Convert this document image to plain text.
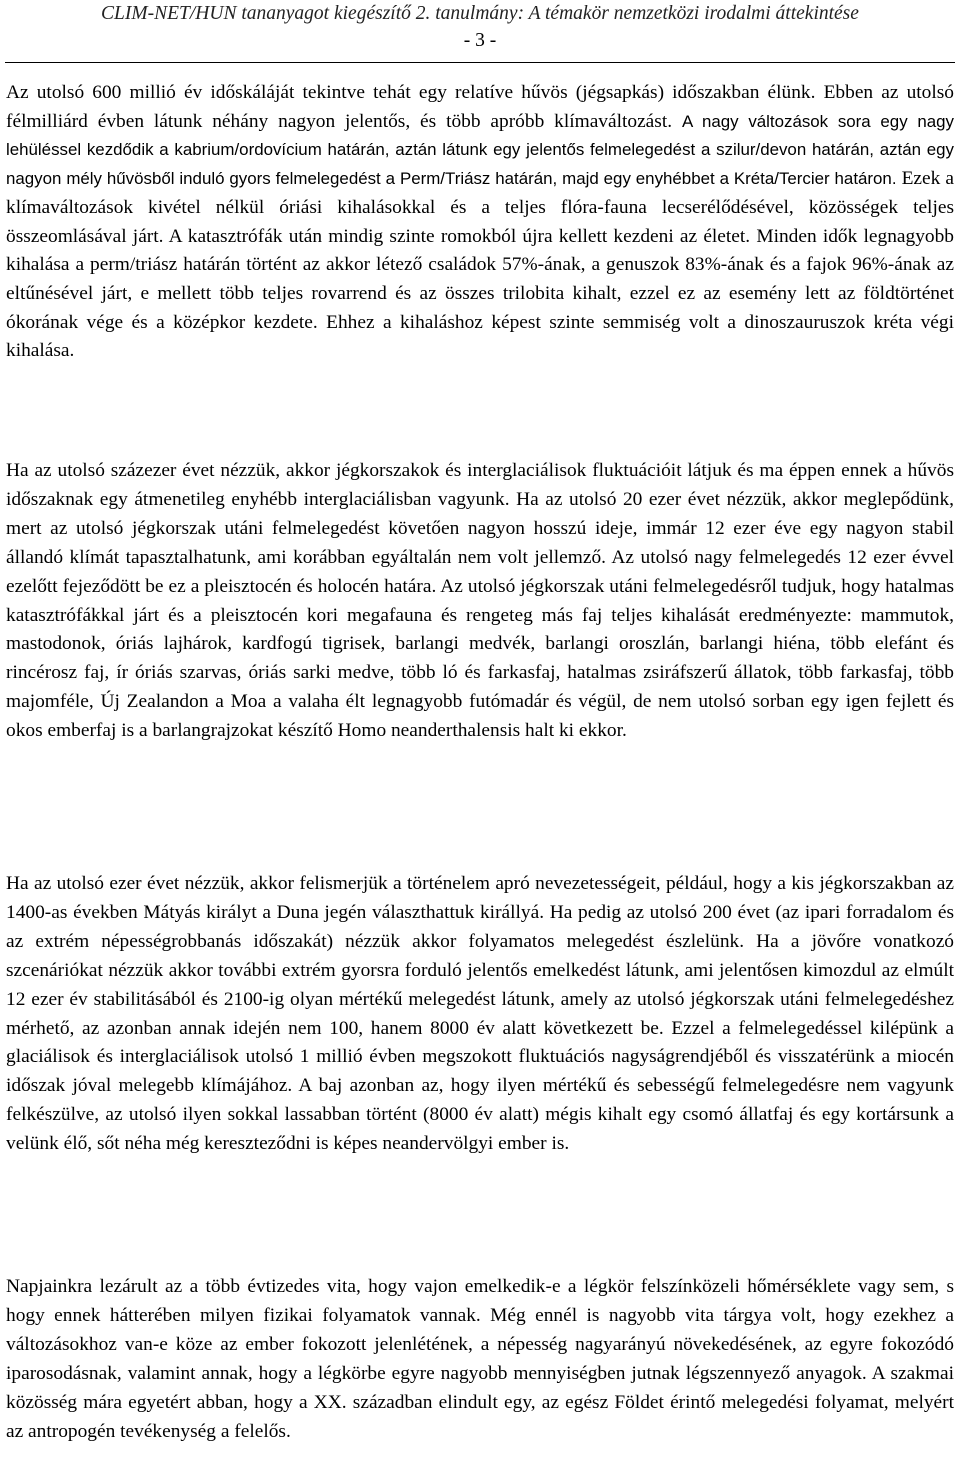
CLIM-NET/HUN tananyagot kiegészítő 2. tanulmány: A témakör nemzetközi irodalmi áttekintése
- 3 -

Az utolsó 600 millió év időskáláját tekintve tehát egy relatíve hűvös (jégsapkás) időszakban élünk. Ebben az utolsó félmilliárd évben látunk néhány nagyon jelentős, és több apróbb klímaváltozást. A nagy változások sora egy nagy lehüléssel kezdődik a kabrium/ordovícium határán, aztán látunk egy jelentős felmelegedést a szilur/devon határán, aztán egy nagyon mély hűvösből induló gyors felmelegedést a Perm/Triász határán, majd egy enyhébbet a Kréta/Tercier határon. Ezek a klímaváltozások kivétel nélkül óriási kihalásokkal és a teljes flóra-fauna lecserélődésével, közösségek teljes összeomlásával járt. A katasztrófák után mindig szinte romokból újra kellett kezdeni az életet. Minden idők legnagyobb kihalása a perm/triász határán történt az akkor létező családok 57%-ának, a genuszok 83%-ának és a fajok 96%-ának az eltűnésével járt, e mellett több teljes rovarrend és az összes trilobita kihalt, ezzel ez az esemény lett az földtörténet ókorának vége és a középkor kezdete. Ehhez a kihaláshoz képest szinte semmiség volt a dinoszauruszok kréta végi kihalása.

Ha az utolsó százezer évet nézzük, akkor jégkorszakok és interglaciálisok fluktuációit látjuk és ma éppen ennek a hűvös időszaknak egy átmenetileg enyhébb interglaciálisban vagyunk. Ha az utolsó 20 ezer évet nézzük, akkor meglepődünk, mert az utolsó jégkorszak utáni felmelegedést követően nagyon hosszú ideje, immár 12 ezer éve egy nagyon stabil állandó klímát tapasztalhatunk, ami korábban egyáltalán nem volt jellemző. Az utolsó nagy felmelegedés 12 ezer évvel ezelőtt fejeződött be ez a pleisztocén és holocén határa. Az utolsó jégkorszak utáni felmelegedésről tudjuk, hogy hatalmas katasztrófákkal járt és a pleisztocén kori megafauna és rengeteg más faj teljes kihalását eredményezte: mammutok, mastodonok, óriás lajhárok, kardfogú tigrisek, barlangi medvék, barlangi oroszlán, barlangi hiéna, több elefánt és rincérosz faj, ír óriás szarvas, óriás sarki medve, több ló és farkasfaj, hatalmas zsiráfszerű állatok, több farkasfaj, több majomféle, Új Zealandon a Moa a valaha élt legnagyobb futómadár és végül, de nem utolsó sorban egy igen fejlett és okos emberfaj is a barlangrajzokat készítő Homo neanderthalensis halt ki ekkor.

Ha az utolsó ezer évet nézzük, akkor felismerjük a történelem apró nevezetességeit, például, hogy a kis jégkorszakban az 1400-as években Mátyás királyt a Duna jegén választhattuk királlyá. Ha pedig az utolsó 200 évet (az ipari forradalom és az extrém népességrobbanás időszakát) nézzük akkor folyamatos melegedést észlelünk. Ha a jövőre vonatkozó szcenáriókat nézzük akkor további extrém gyorsra forduló jelentős emelkedést látunk, ami jelentősen kimozdul az elmúlt 12 ezer év stabilitásából és 2100-ig olyan mértékű melegedést látunk, amely az utolsó jégkorszak utáni felmelegedéshez mérhető, az azonban annak idején nem 100, hanem 8000 év alatt következett be. Ezzel a felmelegedéssel kilépünk a glaciálisok és interglaciálisok utolsó 1 millió évben megszokott fluktuációs nagyságrendjéből és visszatérünk a miocén időszak jóval melegebb klímájához. A baj azonban az, hogy ilyen mértékű és sebességű felmelegedésre nem vagyunk felkészülve, az utolsó ilyen sokkal lassabban történt (8000 év alatt) mégis kihalt egy csomó állatfaj és egy kortársunk a velünk élő, sőt néha még kereszteződni is képes neandervölgyi ember is.

Napjainkra lezárult az a több évtizedes vita, hogy vajon emelkedik-e a légkör felszínközeli hőmérséklete vagy sem, s hogy ennek hátterében milyen fizikai folyamatok vannak. Még ennél is nagyobb vita tárgya volt, hogy ezekhez a változásokhoz van-e köze az ember fokozott jelenlétének, a népesség nagyarányú növekedésének, az egyre fokozódó iparosodásnak, valamint annak, hogy a légkörbe egyre nagyobb mennyiségben jutnak légszennyező anyagok. A szakmai közösség mára egyetért abban, hogy a XX. században elindult egy, az egész Földet érintő melegedési folyamat, melyért az antropogén tevékenység a felelős.
